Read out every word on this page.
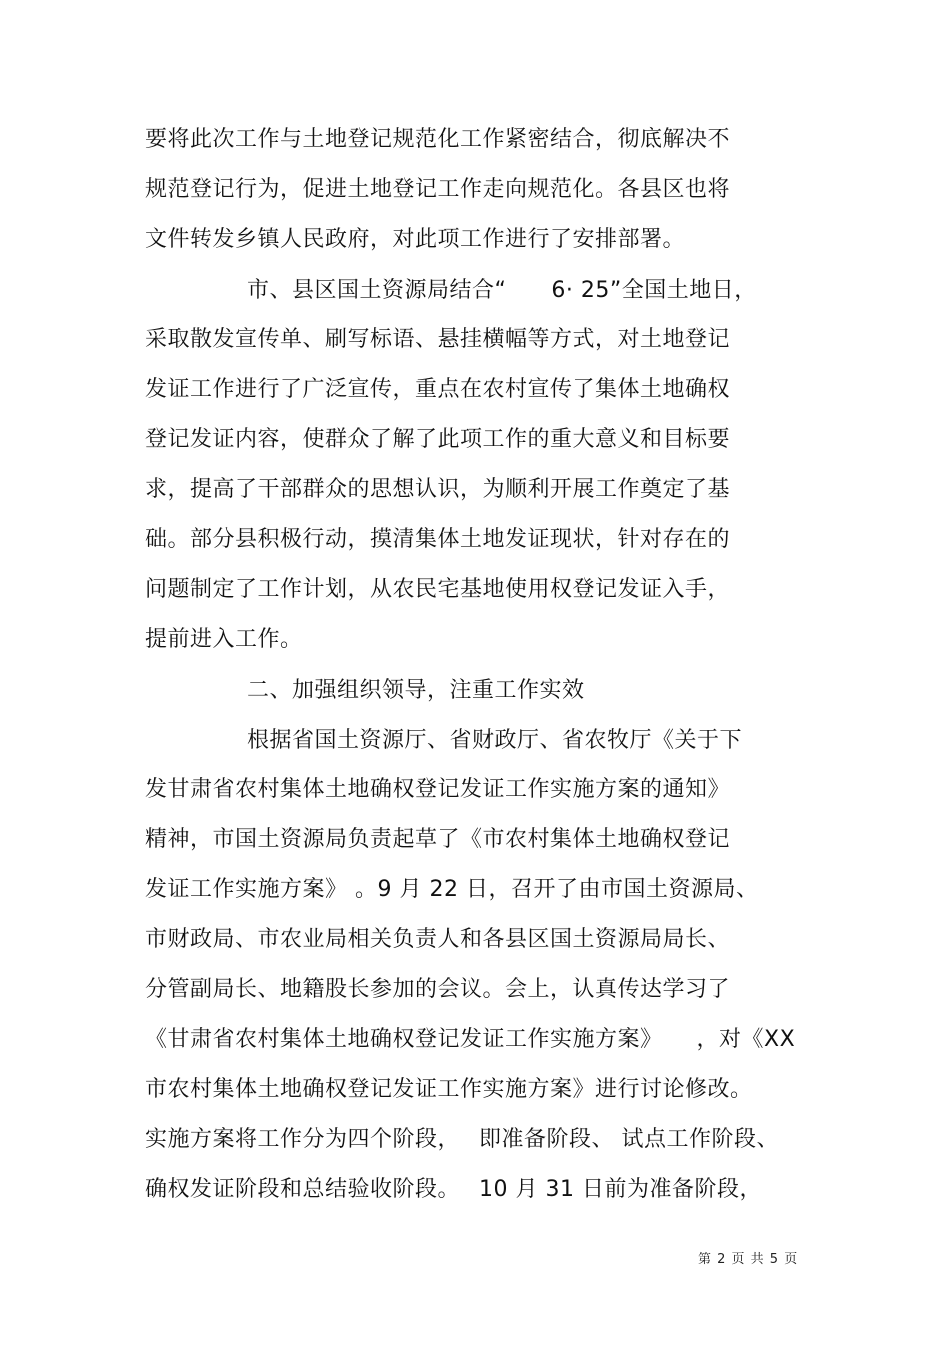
要将此次工作与土地登记规范化工作紧密结合，彻底解决不
规范登记行为，促进土地登记工作走向规范化。各县区也将
文件转发乡镇人民政府，对此项工作进行了安排部署。
市、县区国土资源局结合“　　6· 25”全国土地日，
采取散发宣传单、刷写标语、悬挂横幅等方式，对土地登记
发证工作进行了广泛宣传，重点在农村宣传了集体土地确权
登记发证内容，使群众了解了此项工作的重大意义和目标要
求，提高了干部群众的思想认识，为顺利开展工作奠定了基
础。部分县积极行动，摸清集体土地发证现状，针对存在的
问题制定了工作计划，从农民宅基地使用权登记发证入手，
提前进入工作。
二、加强组织领导，注重工作实效
根据省国土资源厅、省财政厅、省农牧厅《关于下
发甘肃省农村集体土地确权登记发证工作实施方案的通知》
精神，市国土资源局负责起草了《市农村集体土地确权登记
发证工作实施方案》 。9 月 22 日，召开了由市国土资源局、
市财政局、市农业局相关负责人和各县区国土资源局局长、
分管副局长、地籍股长参加的会议。会上，认真传达学习了
《甘肃省农村集体土地确权登记发证工作实施方案》　　，对《XX
市农村集体土地确权登记发证工作实施方案》进行讨论修改。
实施方案将工作分为四个阶段，　 即准备阶段、 试点工作阶段、
确权发证阶段和总结验收阶段。　 10 月 31 日前为准备阶段，
第 2 页 共 5 页
